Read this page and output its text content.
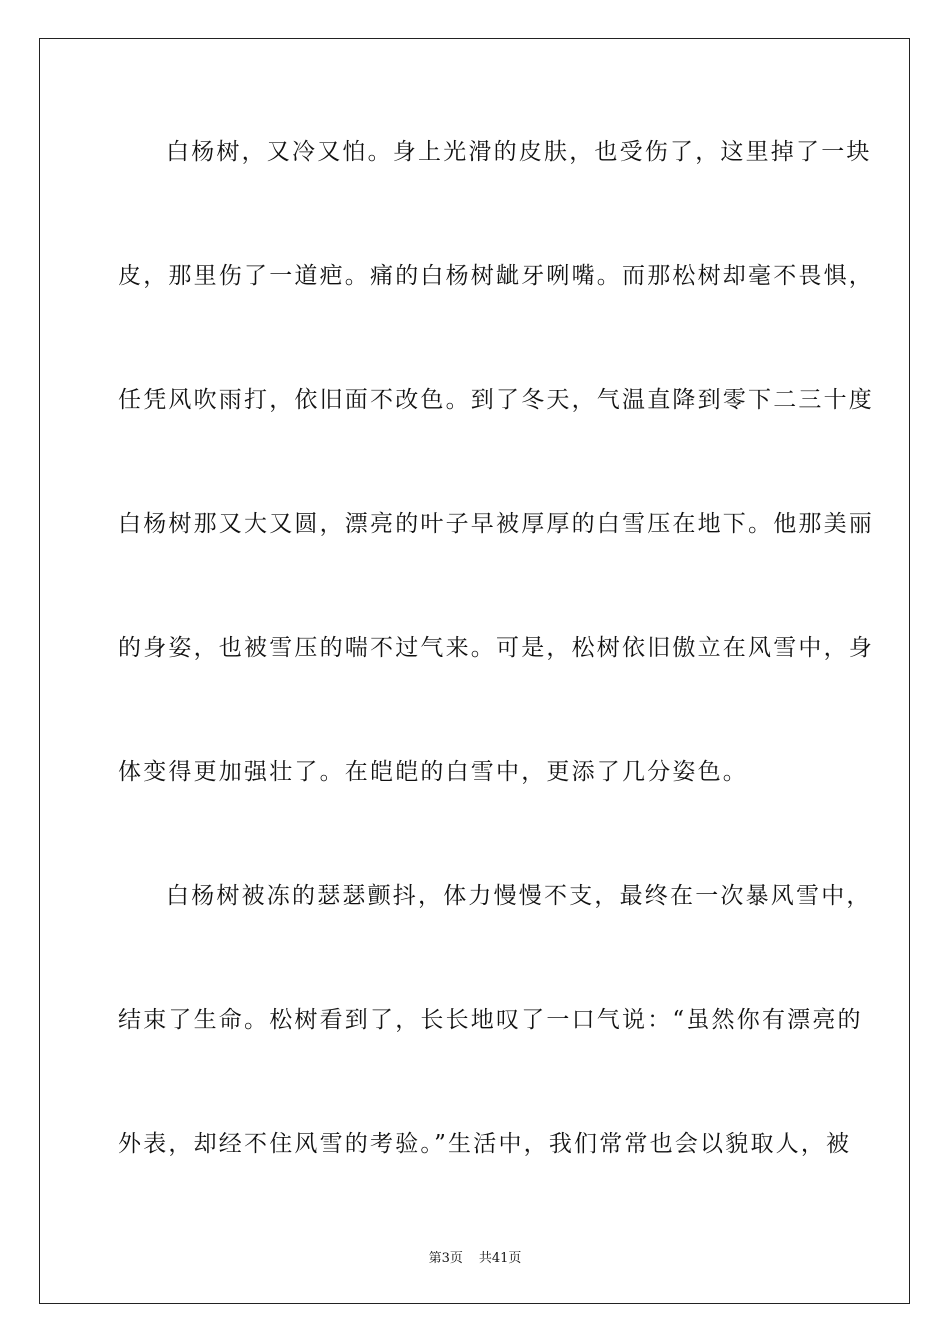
白杨树，又冷又怕。身上光滑的皮肤，也受伤了，这里掉了一块
皮，那里伤了一道疤。痛的白杨树龇牙咧嘴。而那松树却毫不畏惧，
任凭风吹雨打，依旧面不改色。到了冬天，气温直降到零下二三十度
白杨树那又大又圆，漂亮的叶子早被厚厚的白雪压在地下。他那美丽
的身姿，也被雪压的喘不过气来。可是，松树依旧傲立在风雪中，身
体变得更加强壮了。在皑皑的白雪中，更添了几分姿色。
白杨树被冻的瑟瑟颤抖，体力慢慢不支，最终在一次暴风雪中，
结束了生命。松树看到了，长长地叹了一口气说：“虽然你有漂亮的
外表，却经不住风雪的考验。”生活中，我们常常也会以貌取人，被
第3页 共41页
